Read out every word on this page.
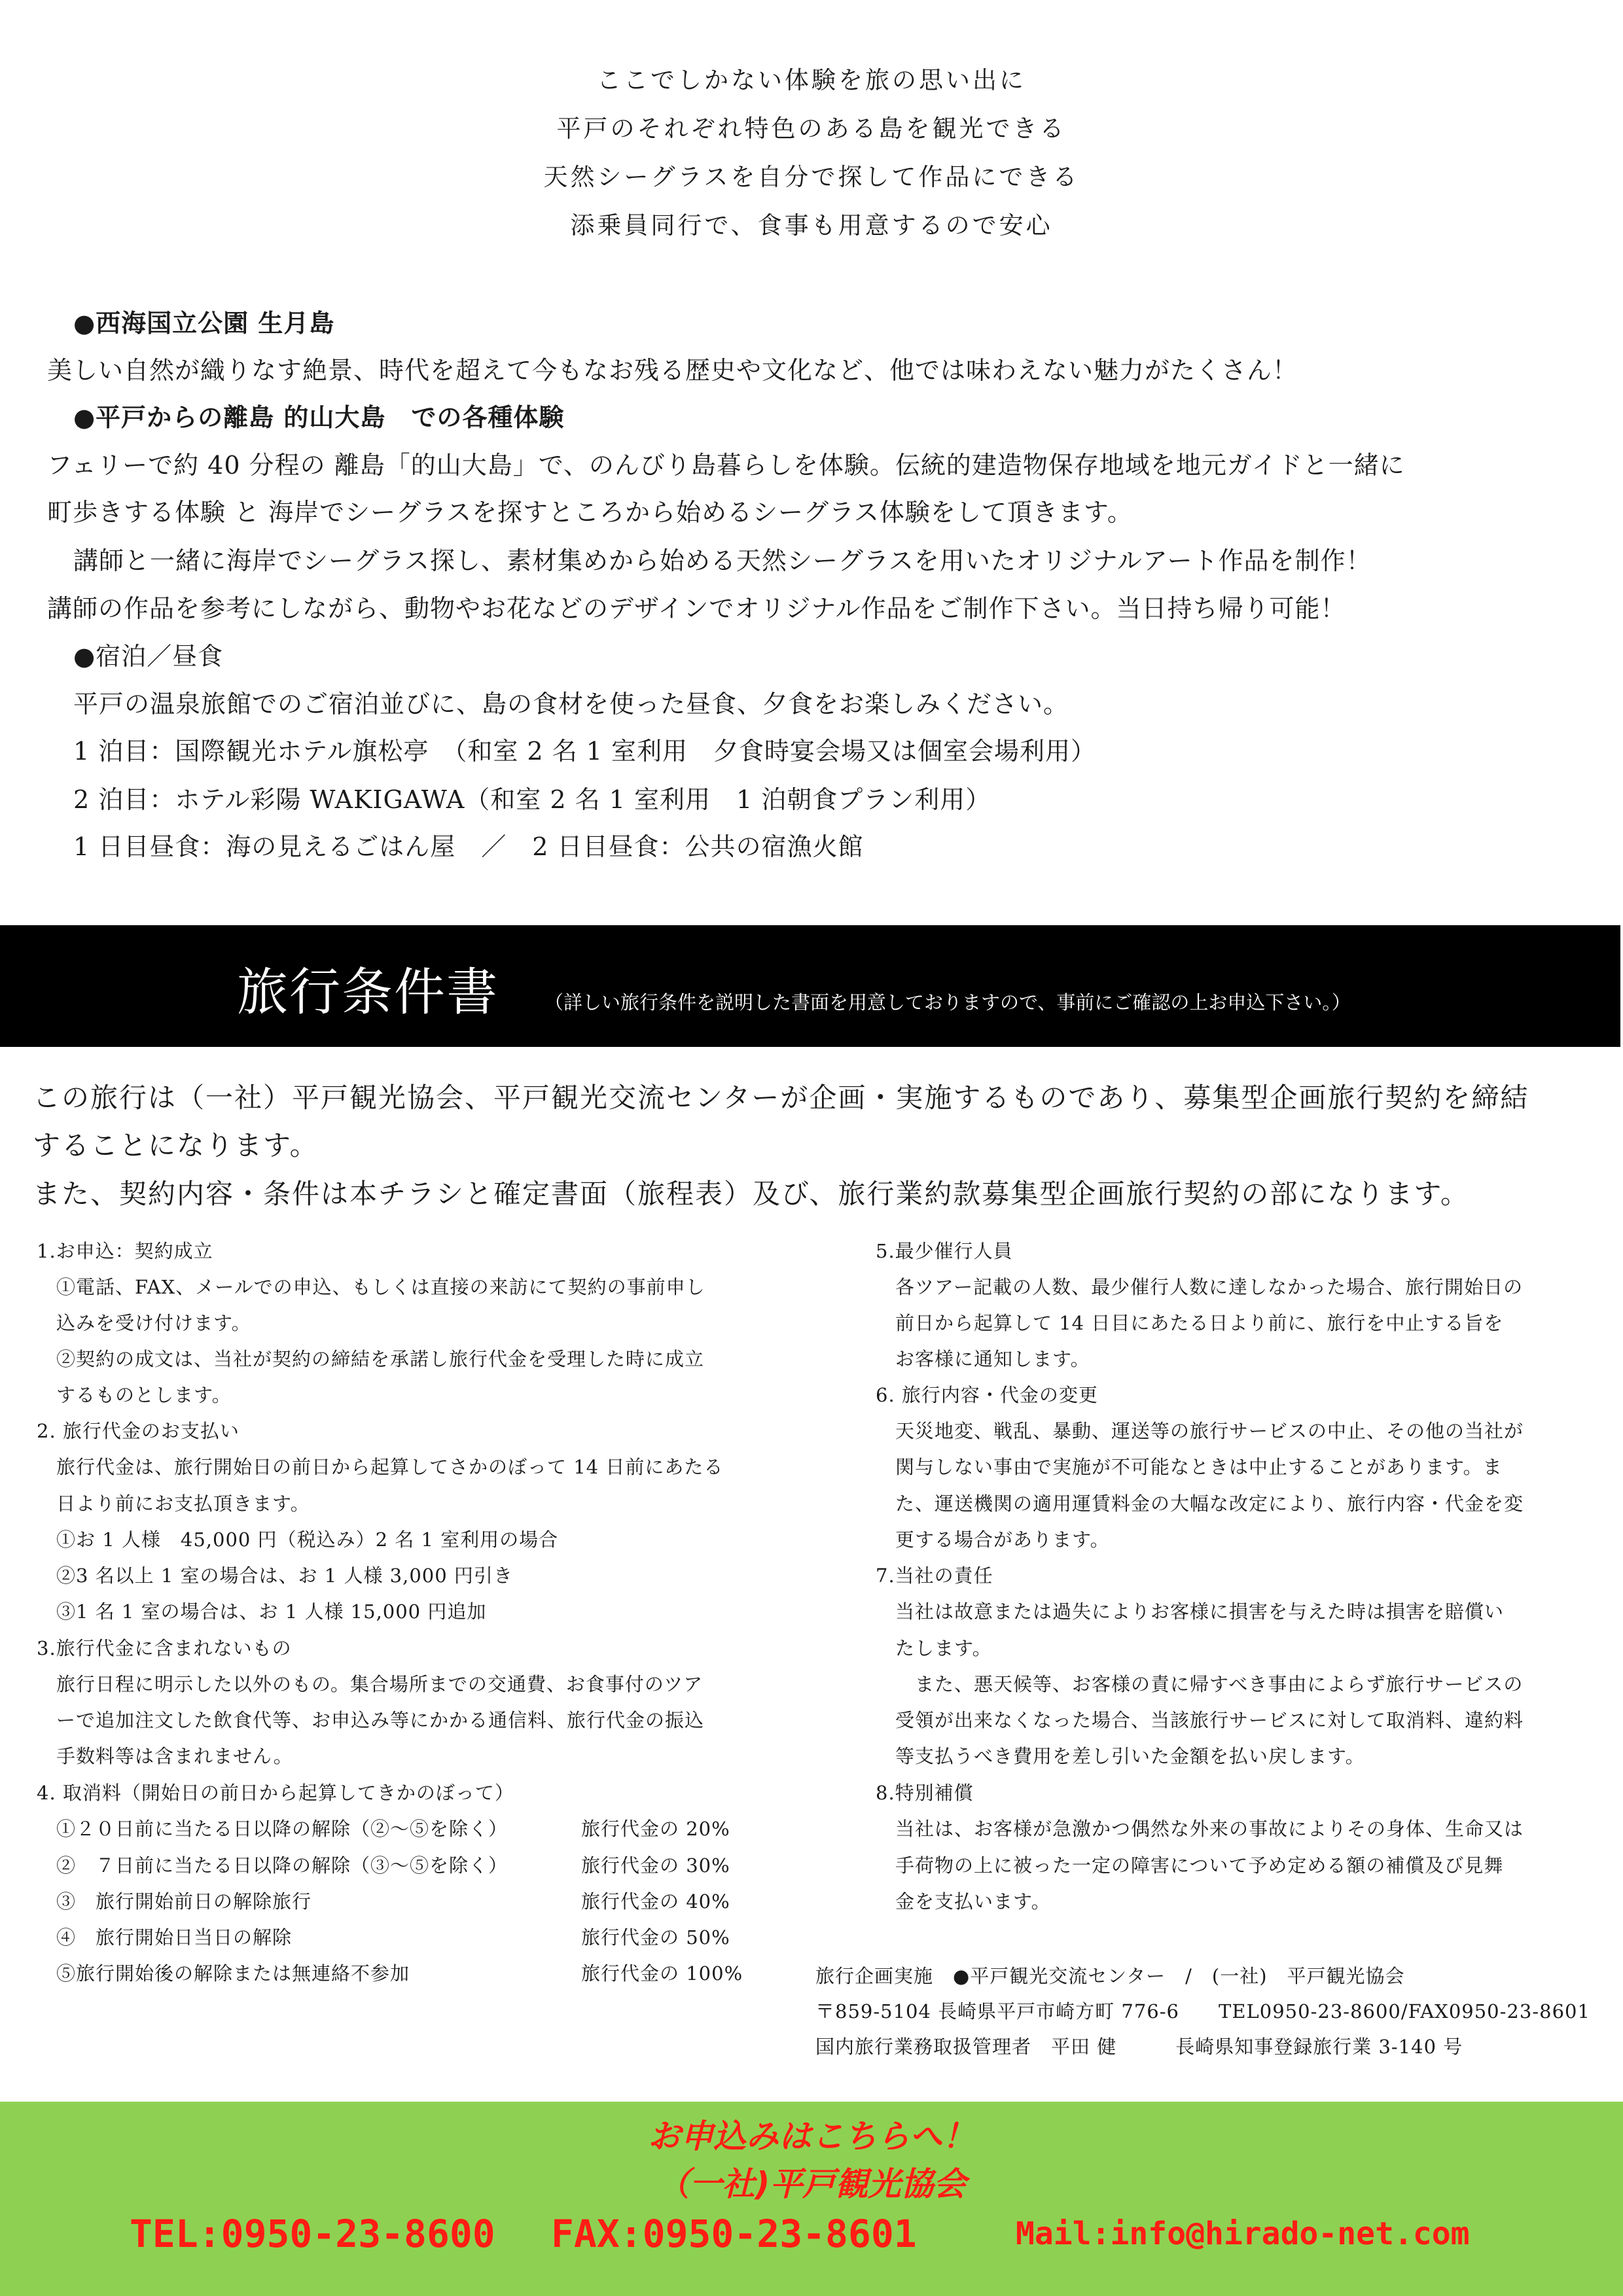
ここでしかない体験を旅の思い出に
平戸のそれぞれ特色のある島を観光できる
天然シーグラスを自分で探して作品にできる
添乗員同行で、食事も用意するので安心
●西海国立公園 生月島
美しい自然が織りなす絶景、時代を超えて今もなお残る歴史や文化など、他では味わえない魅力がたくさん！
●平戸からの離島 的山大島　での各種体験
フェリーで約 40 分程の 離島「的山大島」で、のんびり島暮らしを体験。伝統的建造物保存地域を地元ガイドと一緒に
町歩きする体験 と 海岸でシーグラスを探すところから始めるシーグラス体験をして頂きます。
講師と一緒に海岸でシーグラス探し、素材集めから始める天然シーグラスを用いたオリジナルアート作品を制作！
講師の作品を参考にしながら、動物やお花などのデザインでオリジナル作品をご制作下さい。当日持ち帰り可能！
●宿泊／昼食
平戸の温泉旅館でのご宿泊並びに、島の食材を使った昼食、夕食をお楽しみください。
1 泊目：国際観光ホテル旗松亭　（和室 2 名 1 室利用　夕食時宴会場又は個室会場利用）
2 泊目：ホテル彩陽 WAKIGAWA（和室 2 名 1 室利用　1 泊朝食プラン利用）
1 日目昼食：海の見えるごはん屋　／　2 日目昼食：公共の宿漁火館
旅行条件書 （詳しい旅行条件を説明した書面を用意しておりますので、事前にご確認の上お申込下さい。）
この旅行は（一社）平戸観光協会、平戸観光交流センターが企画・実施するものであり、募集型企画旅行契約を締結
することになります。
また、契約内容・条件は本チラシと確定書面（旅程表）及び、旅行業約款募集型企画旅行契約の部になります。
1.お申込：契約成立
　①電話、FAX、メールでの申込、もしくは直接の来訪にて契約の事前申し
　込みを受け付けます。
　②契約の成文は、当社が契約の締結を承諾し旅行代金を受理した時に成立
　するものとします。
2. 旅行代金のお支払い
　旅行代金は、旅行開始日の前日から起算してさかのぼって 14 日前にあたる
　日より前にお支払頂きます。
　①お 1 人様　45,000 円（税込み）2 名 1 室利用の場合
　②3 名以上 1 室の場合は、お 1 人様 3,000 円引き
　③1 名 1 室の場合は、お 1 人様 15,000 円追加
3.旅行代金に含まれないもの
　旅行日程に明示した以外のもの。集合場所までの交通費、お食事付のツア
　ーで追加注文した飲食代等、お申込み等にかかる通信料、旅行代金の振込
　手数料等は含まれません。
4. 取消料（開始日の前日から起算してきかのぼって）
①２０日前に当たる日以降の解除（②～⑤を除く）	旅行代金の 20%
②　７日前に当たる日以降の解除（③～⑤を除く）	旅行代金の 30%
③　旅行開始前日の解除旅行	旅行代金の 40%
④　旅行開始日当日の解除	旅行代金の 50%
⑤旅行開始後の解除または無連絡不参加	旅行代金の 100%
5.最少催行人員
　各ツアー記載の人数、最少催行人数に達しなかった場合、旅行開始日の
　前日から起算して 14 日目にあたる日より前に、旅行を中止する旨を
　お客様に通知します。
6. 旅行内容・代金の変更
　天災地変、戦乱、暴動、運送等の旅行サービスの中止、その他の当社が
　関与しない事由で実施が不可能なときは中止することがあります。ま
　た、運送機関の適用運賃料金の大幅な改定により、旅行内容・代金を変
　更する場合があります。
7.当社の責任
　当社は故意または過失によりお客様に損害を与えた時は損害を賠償い
　たします。
　　また、悪天候等、お客様の責に帰すべき事由によらず旅行サービスの
　受領が出来なくなった場合、当該旅行サービスに対して取消料、違約料
　等支払うべき費用を差し引いた金額を払い戻します。
8.特別補償
　当社は、お客様が急激かつ偶然な外来の事故によりその身体、生命又は
　手荷物の上に被った一定の障害について予め定める額の補償及び見舞
　金を支払います。
旅行企画実施　●平戸観光交流センター　/　(一社)　平戸観光協会
〒859-5104 長崎県平戸市崎方町 776-6　　TEL0950-23-8600/FAX0950-23-8601
国内旅行業務取扱管理者　平田 健　　　長崎県知事登録旅行業 3-140 号
お申込みはこちらへ！
（一社)平戸観光協会
TEL:0950-23-8600 FAX:0950-23-8601	Mail:info@hirado-net.com
